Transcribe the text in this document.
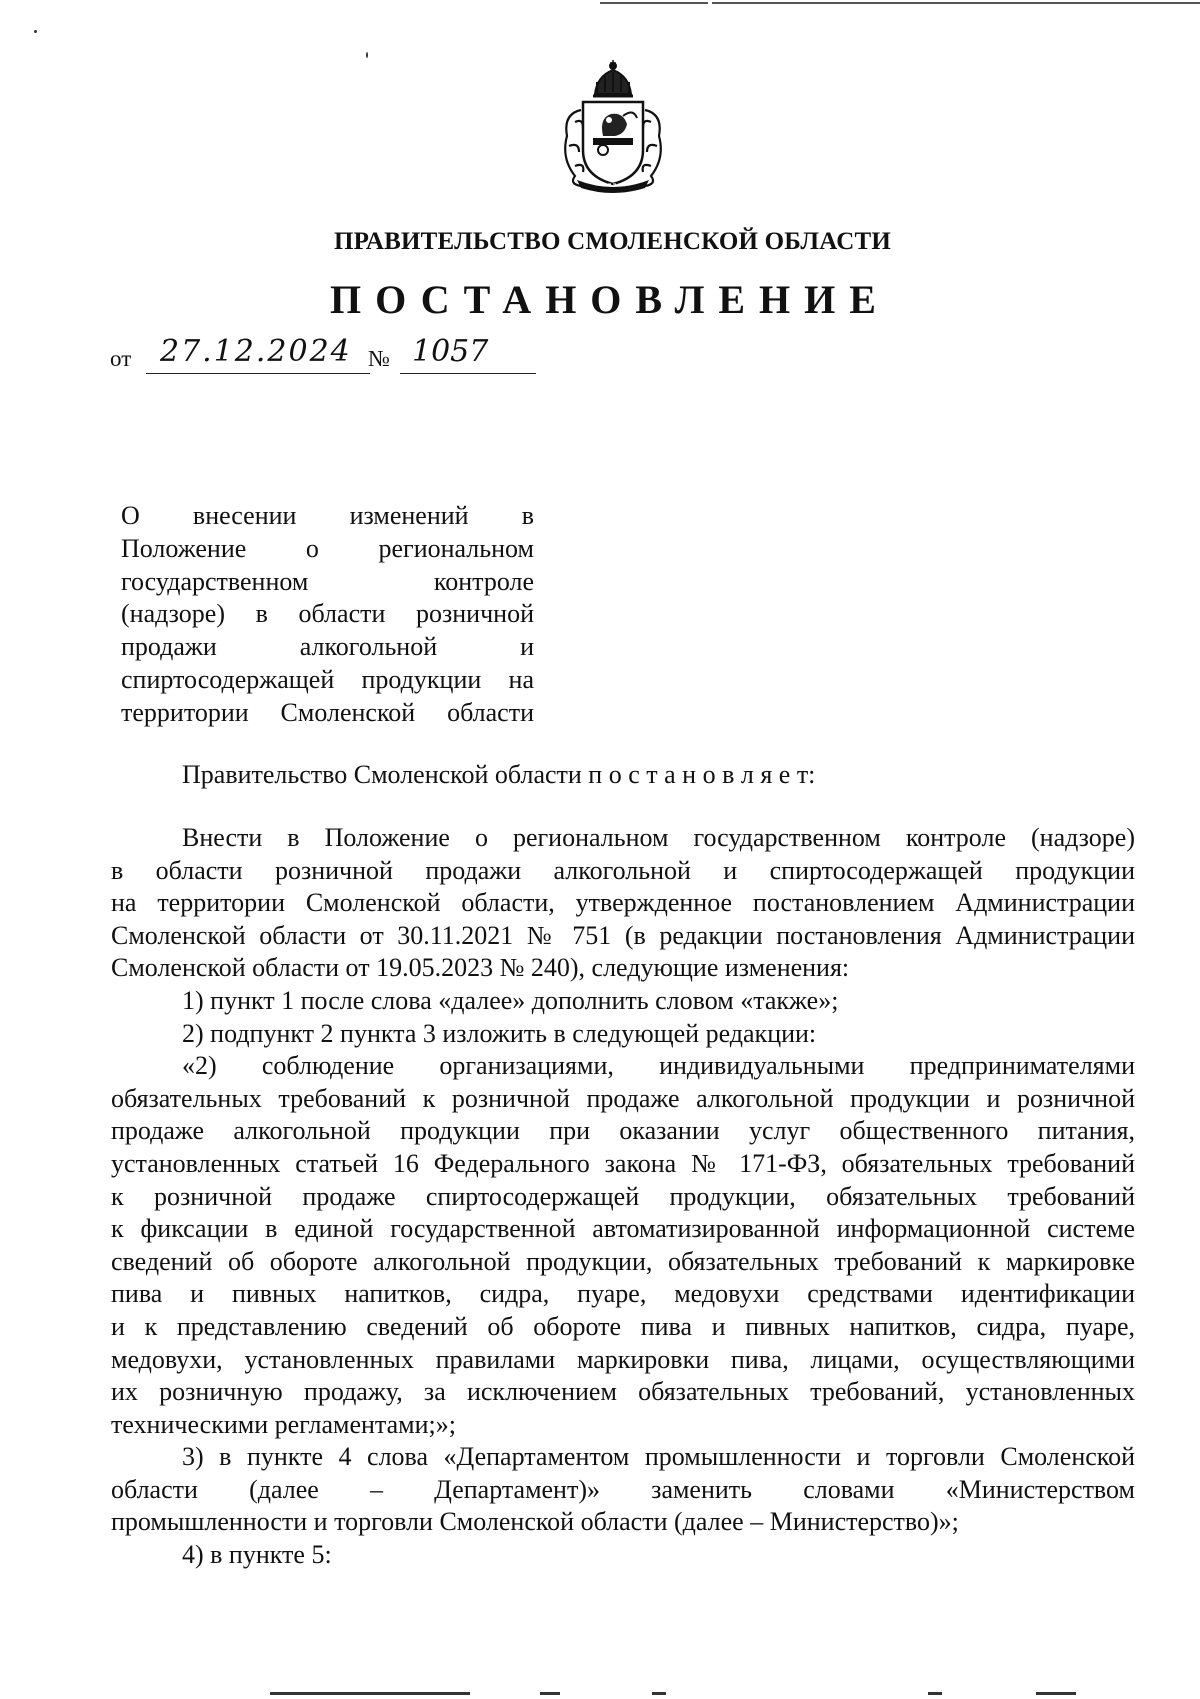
ПРАВИТЕЛЬСТВО СМОЛЕНСКОЙ ОБЛАСТИ
ПОСТАНОВЛЕНИЕ
от 27.12.2024 № 1057
О внесении изменений в
Положение о региональном
государственном контроле
(надзоре) в области розничной
продажи алкогольной и
спиртосодержащей продукции на
территории Смоленской области
Правительство Смоленской области п о с т а н о в л я е т:
Внести в Положение о региональном государственном контроле (надзоре)
в области розничной продажи алкогольной и спиртосодержащей продукции
на территории Смоленской области, утвержденное постановлением Администрации
Смоленской области от 30.11.2021 № 751 (в редакции постановления Администрации
Смоленской области от 19.05.2023 № 240), следующие изменения:
1) пункт 1 после слова «далее» дополнить словом «также»;
2) подпункт 2 пункта 3 изложить в следующей редакции:
«2) соблюдение организациями, индивидуальными предпринимателями
обязательных требований к розничной продаже алкогольной продукции и розничной
продаже алкогольной продукции при оказании услуг общественного питания,
установленных статьей 16 Федерального закона № 171-ФЗ, обязательных требований
к розничной продаже спиртосодержащей продукции, обязательных требований
к фиксации в единой государственной автоматизированной информационной системе
сведений об обороте алкогольной продукции, обязательных требований к маркировке
пива и пивных напитков, сидра, пуаре, медовухи средствами идентификации
и к представлению сведений об обороте пива и пивных напитков, сидра, пуаре,
медовухи, установленных правилами маркировки пива, лицами, осуществляющими
их розничную продажу, за исключением обязательных требований, установленных
техническими регламентами;»;
3) в пункте 4 слова «Департаментом промышленности и торговли Смоленской
области (далее – Департамент)» заменить словами «Министерством
промышленности и торговли Смоленской области (далее – Министерство)»;
4) в пункте 5:
